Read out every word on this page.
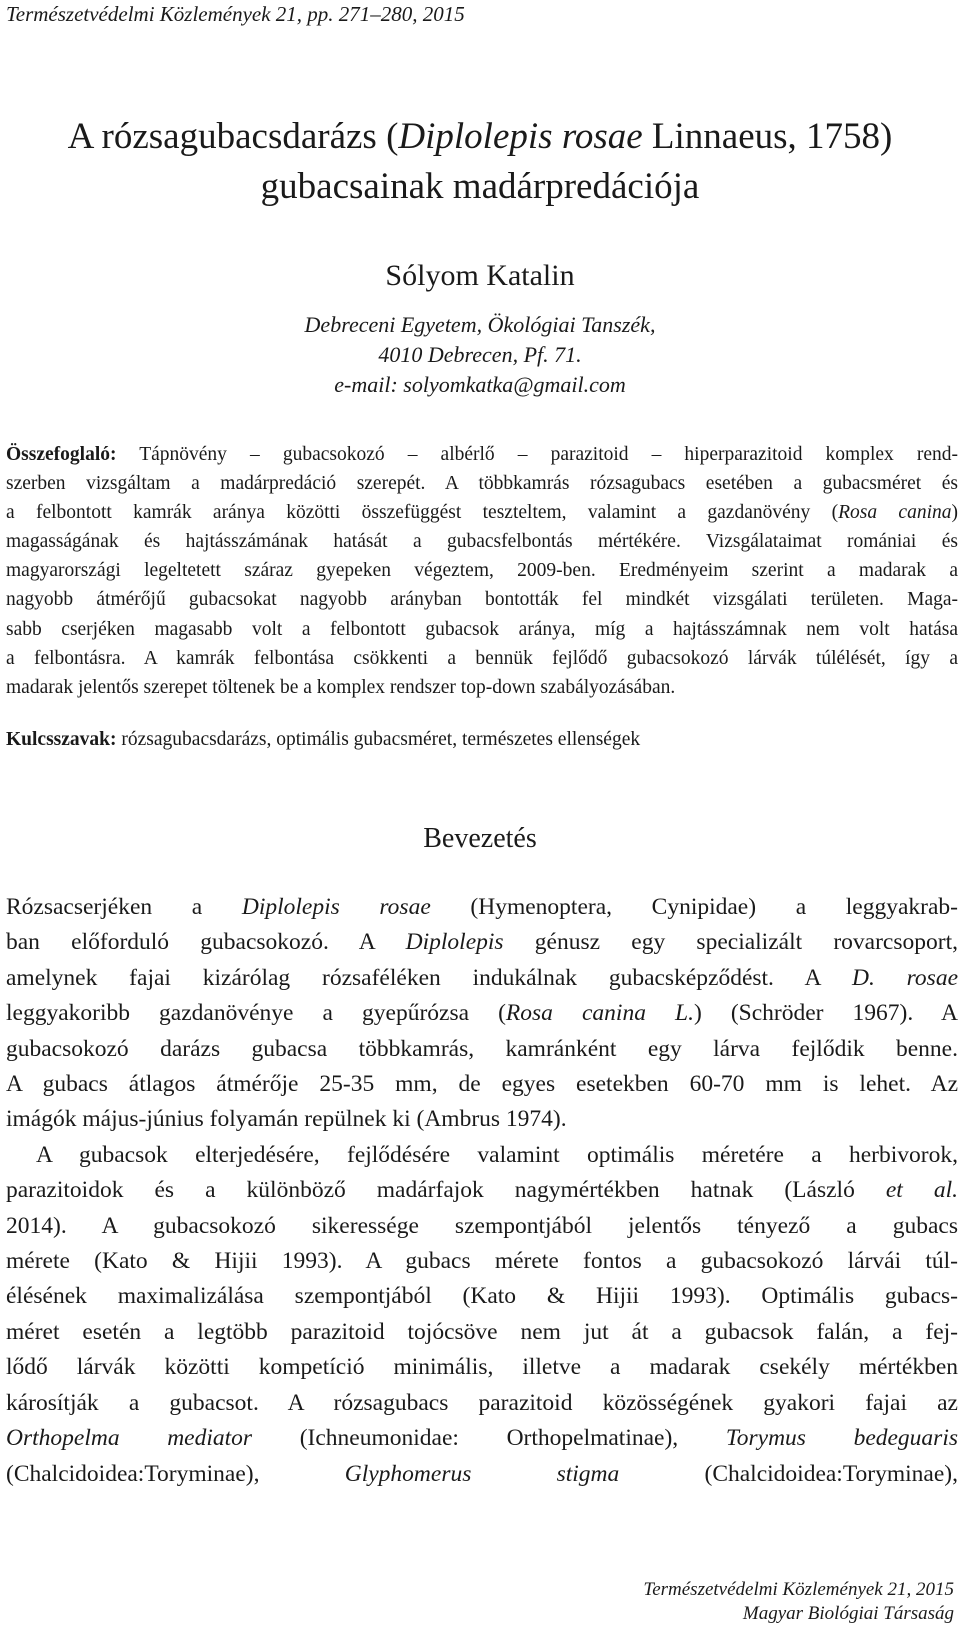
Természetvédelmi Közlemények 21, pp. 271–280, 2015
A rózsagubacsdarázs (Diplolepis rosae Linnaeus, 1758)
gubacsainak madárpredációja
Sólyom Katalin
Debreceni Egyetem, Ökológiai Tanszék,
4010 Debrecen, Pf. 71.
e-mail: solyomkatka@gmail.com
Összefoglaló: Tápnövény – gubacsokozó – albérlő – parazitoid – hiperparazitoid komplex rend-
szerben vizsgáltam a madárpredáció szerepét. A többkamrás rózsagubacs esetében a gubacsméret és
a felbontott kamrák aránya közötti összefüggést teszteltem, valamint a gazdanövény (Rosa canina)
magasságának és hajtásszámának hatását a gubacsfelbontás mértékére. Vizsgálataimat romániai és
magyarországi legeltetett száraz gyepeken végeztem, 2009-ben. Eredményeim szerint a madarak a
nagyobb átmérőjű gubacsokat nagyobb arányban bontották fel mindkét vizsgálati területen. Maga-
sabb cserjéken magasabb volt a felbontott gubacsok aránya, míg a hajtásszámnak nem volt hatása
a felbontásra. A kamrák felbontása csökkenti a bennük fejlődő gubacsokozó lárvák túlélését, így a
madarak jelentős szerepet töltenek be a komplex rendszer top-down szabályozásában.
Kulcsszavak: rózsagubacsdarázs, optimális gubacsméret, természetes ellenségek
Bevezetés
Rózsacserjéken a Diplolepis rosae (Hymenoptera, Cynipidae) a leggyakrab-
ban előforduló gubacsokozó. A Diplolepis génusz egy specializált rovarcsoport,
amelynek fajai kizárólag rózsaféléken indukálnak gubacsképződést. A D. rosae
leggyakoribb gazdanövénye a gyepűrózsa (Rosa canina L.) (Schröder 1967). A
gubacsokozó darázs gubacsa többkamrás, kamránként egy lárva fejlődik benne.
A gubacs átlagos átmérője 25-35 mm, de egyes esetekben 60-70 mm is lehet. Az
imágók május-június folyamán repülnek ki (Ambrus 1974).
A gubacsok elterjedésére, fejlődésére valamint optimális méretére a herbivorok,
parazitoidok és a különböző madárfajok nagymértékben hatnak (László et al.
2014). A gubacsokozó sikeressége szempontjából jelentős tényező a gubacs
mérete (Kato & Hijii 1993). A gubacs mérete fontos a gubacsokozó lárvái túl-
élésének maximalizálása szempontjából (Kato & Hijii 1993). Optimális gubacs-
méret esetén a legtöbb parazitoid tojócsöve nem jut át a gubacsok falán, a fej-
lődő lárvák közötti kompetíció minimális, illetve a madarak csekély mértékben
károsítják a gubacsot. A rózsagubacs parazitoid közösségének gyakori fajai az
Orthopelma mediator (Ichneumonidae: Orthopelmatinae), Torymus bedeguaris
(Chalcidoidea:Toryminae), Glyphomerus stigma (Chalcidoidea:Toryminae),
Természetvédelmi Közlemények 21, 2015
Magyar Biológiai Társaság
